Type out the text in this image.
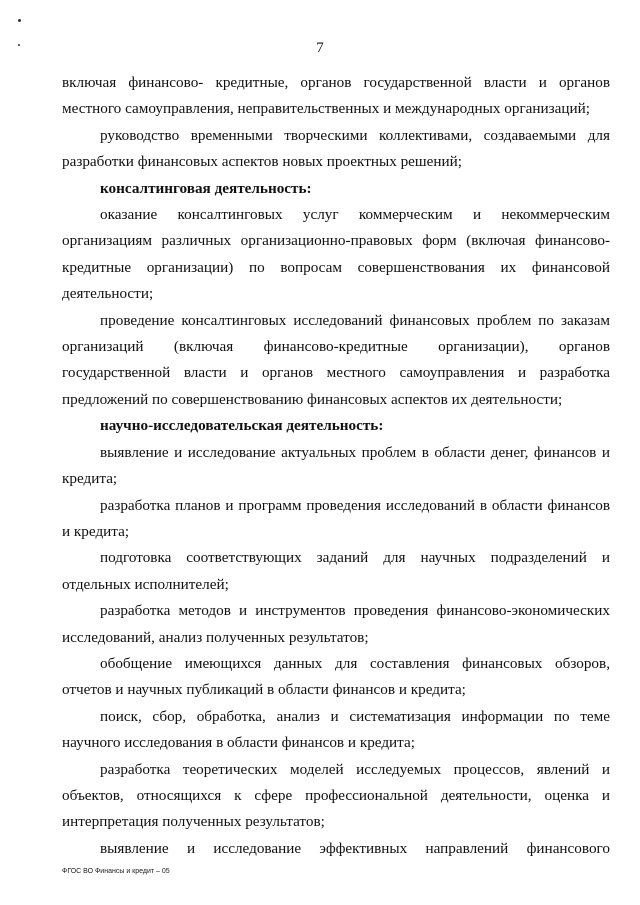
7

включая финансово- кредитные, органов государственной власти и органов местного самоуправления, неправительственных и международных организаций;

руководство временными творческими коллективами, создаваемыми для разработки финансовых аспектов новых проектных решений;

консалтинговая деятельность:

оказание консалтинговых услуг коммерческим и некоммерческим организациям различных организационно-правовых форм (включая финансово-кредитные организации) по вопросам совершенствования их финансовой деятельности;

проведение консалтинговых исследований финансовых проблем по заказам организаций (включая финансово-кредитные организации), органов государственной власти и органов местного самоуправления и разработка предложений по совершенствованию финансовых аспектов их деятельности;

научно-исследовательская деятельность:

выявление и исследование актуальных проблем в области денег, финансов и кредита;

разработка планов и программ проведения исследований в области финансов и кредита;

подготовка соответствующих заданий для научных подразделений и отдельных исполнителей;

разработка методов и инструментов проведения финансово-экономических исследований, анализ полученных результатов;

обобщение имеющихся данных для составления финансовых обзоров, отчетов и научных публикаций в области финансов и кредита;

поиск, сбор, обработка, анализ и систематизация информации по теме научного исследования в области финансов и кредита;

разработка теоретических моделей исследуемых процессов, явлений и объектов, относящихся к сфере профессиональной деятельности, оценка и интерпретация полученных результатов;

выявление и исследование эффективных направлений финансового

ФГОС ВО Финансы и кредит – 05
